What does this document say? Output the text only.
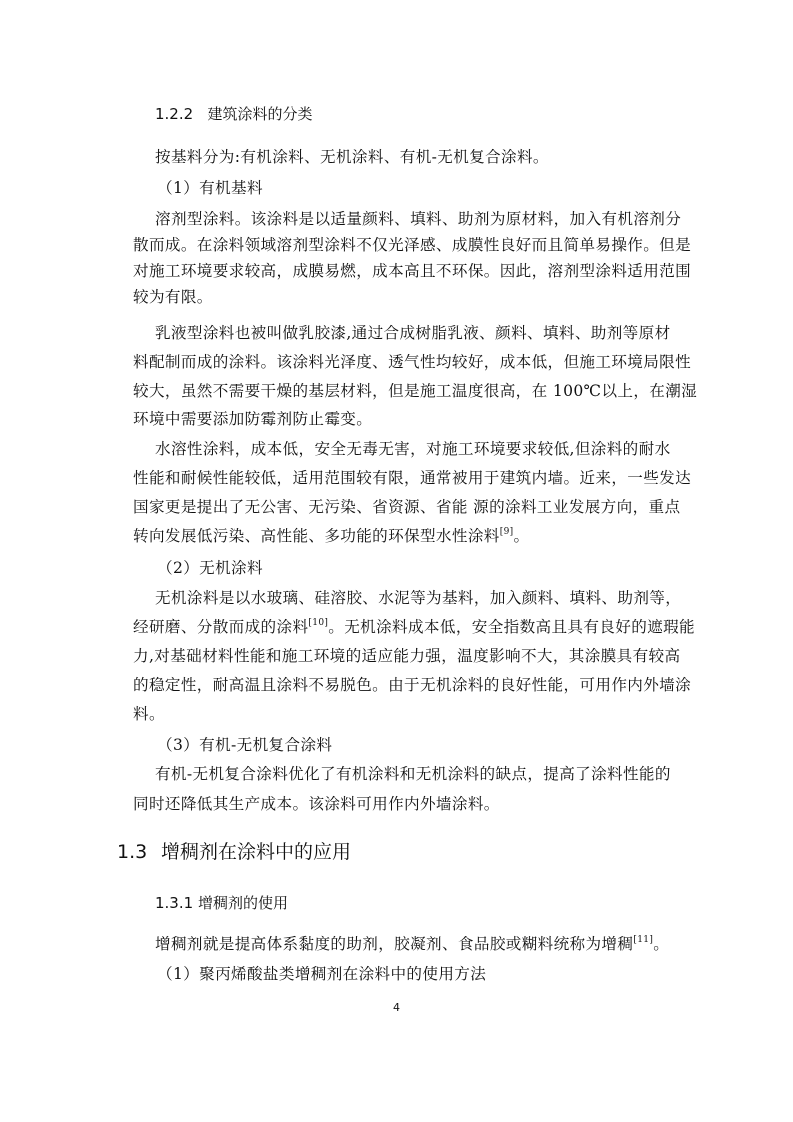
1.2.2 建筑涂料的分类
按基料分为:有机涂料、无机涂料、有机-无机复合涂料。
（1）有机基料
溶剂型涂料。该涂料是以适量颜料、填料、助剂为原材料，加入有机溶剂分
散而成。在涂料领域溶剂型涂料不仅光泽感、成膜性良好而且简单易操作。但是
对施工环境要求较高，成膜易燃，成本高且不环保。因此，溶剂型涂料适用范围
较为有限。
乳液型涂料也被叫做乳胶漆,通过合成树脂乳液、颜料、填料、助剂等原材
料配制而成的涂料。该涂料光泽度、透气性均较好，成本低，但施工环境局限性
较大，虽然不需要干燥的基层材料，但是施工温度很高，在 100℃以上，在潮湿
环境中需要添加防霉剂防止霉变。
水溶性涂料，成本低，安全无毒无害，对施工环境要求较低,但涂料的耐水
性能和耐候性能较低，适用范围较有限，通常被用于建筑内墙。近来，一些发达
国家更是提出了无公害、无污染、省资源、省能 源的涂料工业发展方向，重点
转向发展低污染、高性能、多功能的环保型水性涂料[9]。
（2）无机涂料
无机涂料是以水玻璃、硅溶胶、水泥等为基料，加入颜料、填料、助剂等，
经研磨、分散而成的涂料[10]。无机涂料成本低，安全指数高且具有良好的遮瑕能
力,对基础材料性能和施工环境的适应能力强，温度影响不大，其涂膜具有较高
的稳定性，耐高温且涂料不易脱色。由于无机涂料的良好性能，可用作内外墙涂
料。
（3）有机-无机复合涂料
有机-无机复合涂料优化了有机涂料和无机涂料的缺点，提高了涂料性能的
同时还降低其生产成本。该涂料可用作内外墙涂料。
1.3 增稠剂在涂料中的应用
1.3.1 增稠剂的使用
增稠剂就是提高体系黏度的助剂，胶凝剂、食品胶或糊料统称为增稠[11]。
（1）聚丙烯酸盐类增稠剂在涂料中的使用方法
4
